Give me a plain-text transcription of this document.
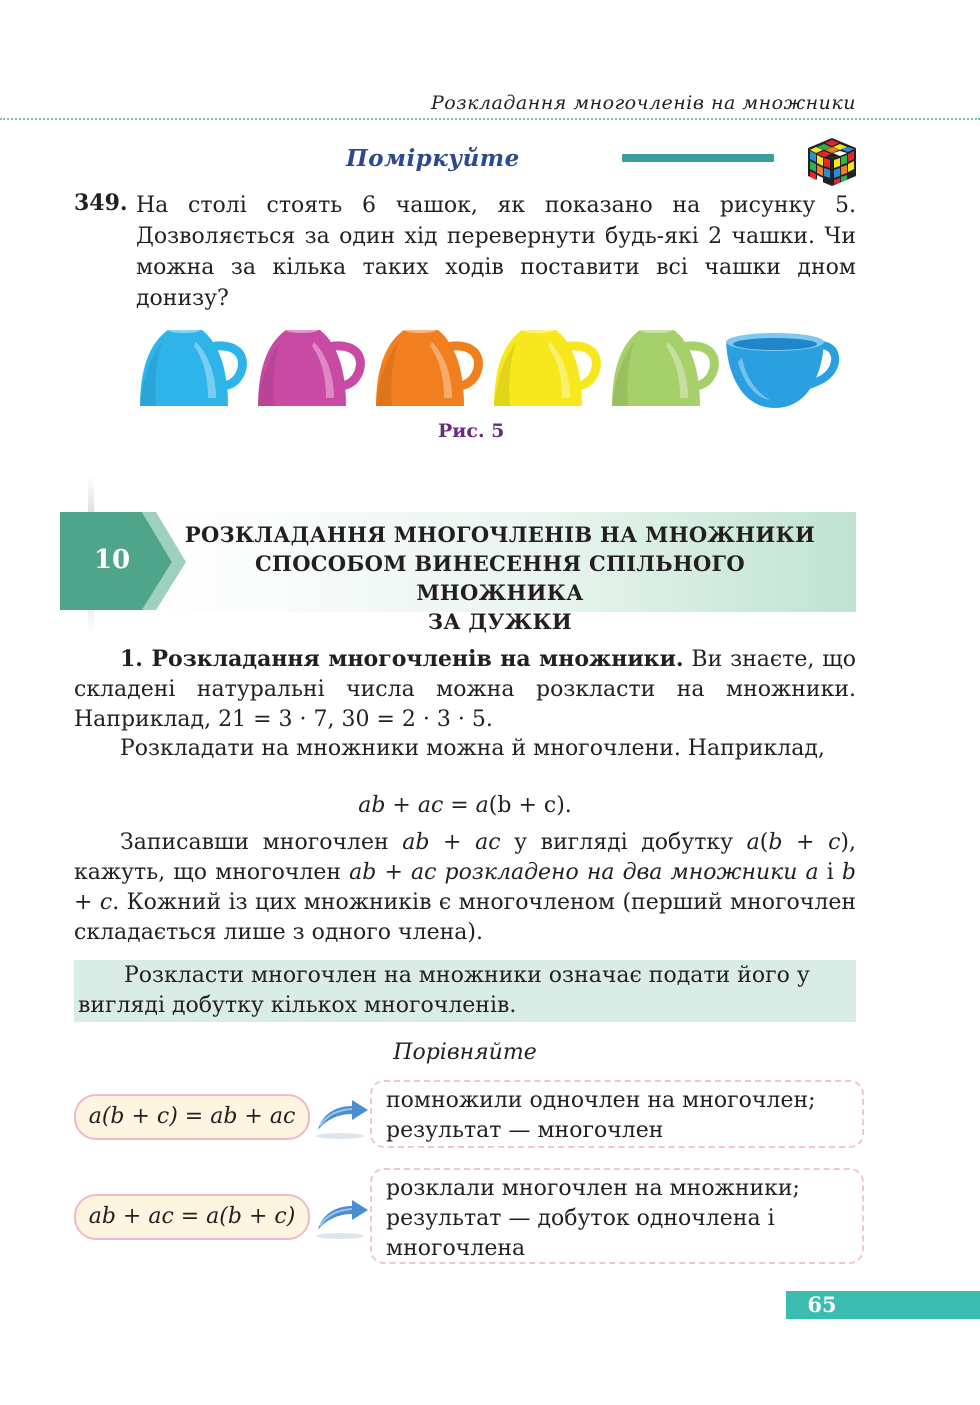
Розкладання многочленів на множники
Поміркуйте
349. На столі стоять 6 чашок, як показано на рисунку 5. Дозволяється за один хід перевернути будь-які 2 чашки. Чи можна за кілька таких ходів поставити всі чашки дном донизу?
Рис. 5
10
РОЗКЛАДАННЯ МНОГОЧЛЕНІВ НА МНОЖНИКИ
СПОСОБОМ ВИНЕСЕННЯ СПІЛЬНОГО МНОЖНИКА
ЗА ДУЖКИ
1. Розкладання многочленів на множники. Ви знаєте, що складені натуральні числа можна розкласти на множники. Наприклад, 21 = 3 · 7, 30 = 2 · 3 · 5.
Розкладати на множники можна й многочлени. Наприклад,
ab + ac = a(b + c).
Записавши многочлен ab + ac у вигляді добутку a(b + c), кажуть, що многочлен ab + ac розкладено на два множники a і b + c. Кожний із цих множників є многочленом (перший многочлен складається лише з одного члена).
Розкласти многочлен на множники означає подати його у вигляді добутку кількох многочленів.
Порівняйте
a(b + c) = ab + ac
помножили одночлен на многочлен; результат — многочлен
ab + ac = a(b + c)
розклали многочлен на множники; результат — добуток одночлена і многочлена
65
